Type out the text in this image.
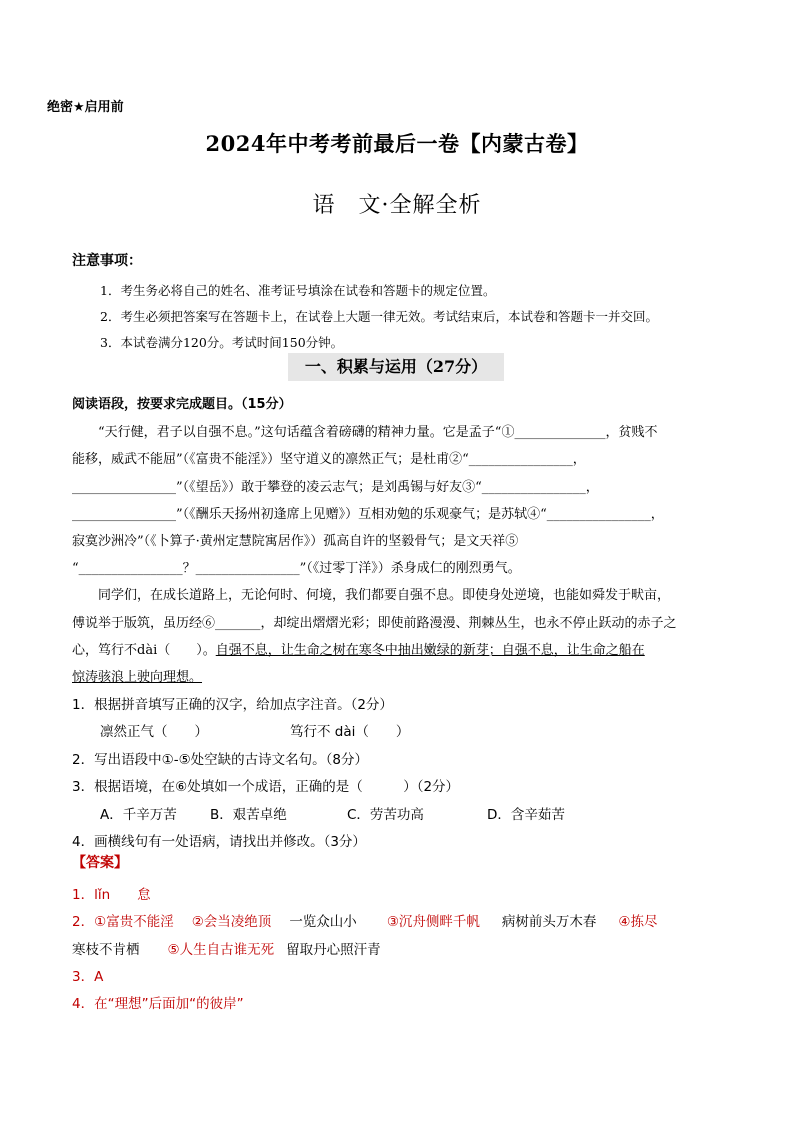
绝密★启用前
2024年中考考前最后一卷【内蒙古卷】
语　文·全解全析
注意事项：
1．考生务必将自己的姓名、准考证号填涂在试卷和答题卡的规定位置。
2．考生必须把答案写在答题卡上，在试卷上大题一律无效。考试结束后，本试卷和答题卡一并交回。
3．本试卷满分120分。考试时间150分钟。
一、积累与运用（27分）
阅读语段，按要求完成题目。（15分）
　　“天行健，君子以自强不息。”这句话蕴含着磅礴的精神力量。它是孟子“①______________，贫贱不
能移，威武不能屈”（《富贵不能淫》）坚守道义的凛然正气；是杜甫②“________________，
________________”（《望岳》）敢于攀登的凌云志气；是刘禹锡与好友③“________________，
________________”（《酬乐天扬州初逢席上见赠》）互相劝勉的乐观豪气；是苏轼④“________________，
寂寞沙洲冷”（《卜算子·黄州定慧院寓居作》）孤高自许的坚毅骨气；是文天祥⑤
“________________？________________”（《过零丁洋》）杀身成仁的刚烈勇气。
　　同学们，在成长道路上，无论何时、何境，我们都要自强不息。即使身处逆境，也能如舜发于畎亩，
傅说举于版筑，虽历经⑥_______，却绽出熠熠光彩；即使前路漫漫、荆棘丛生，也永不停止跃动的赤子之
心，笃行不dài（　　）。自强不息，让生命之树在寒冬中抽出嫩绿的新芽；自强不息，让生命之船在
惊涛骇浪上驶向理想。
1．根据拼音填写正确的汉字，给加点字注音。（2分）
凛然正气（　　）	笃行不 dài（　　）
2．写出语段中①-⑤处空缺的古诗文名句。（8分）
3．根据语境，在⑥处填如一个成语，正确的是（　　　）（2分）
A．千辛万苦 B．艰苦卓绝	C．劳苦功高	D．含辛茹苦
4．画横线句有一处语病，请找出并修改。（3分）
【答案】
1．lǐn　　怠
2．①富贵不能淫 ②会当凌绝顶 一览众山小 ③沉舟侧畔千帆 病树前头万木春 ④拣尽
寒枝不肯栖 ⑤人生自古谁无死 留取丹心照汗青
3．A
4．在“理想”后面加“的彼岸”
